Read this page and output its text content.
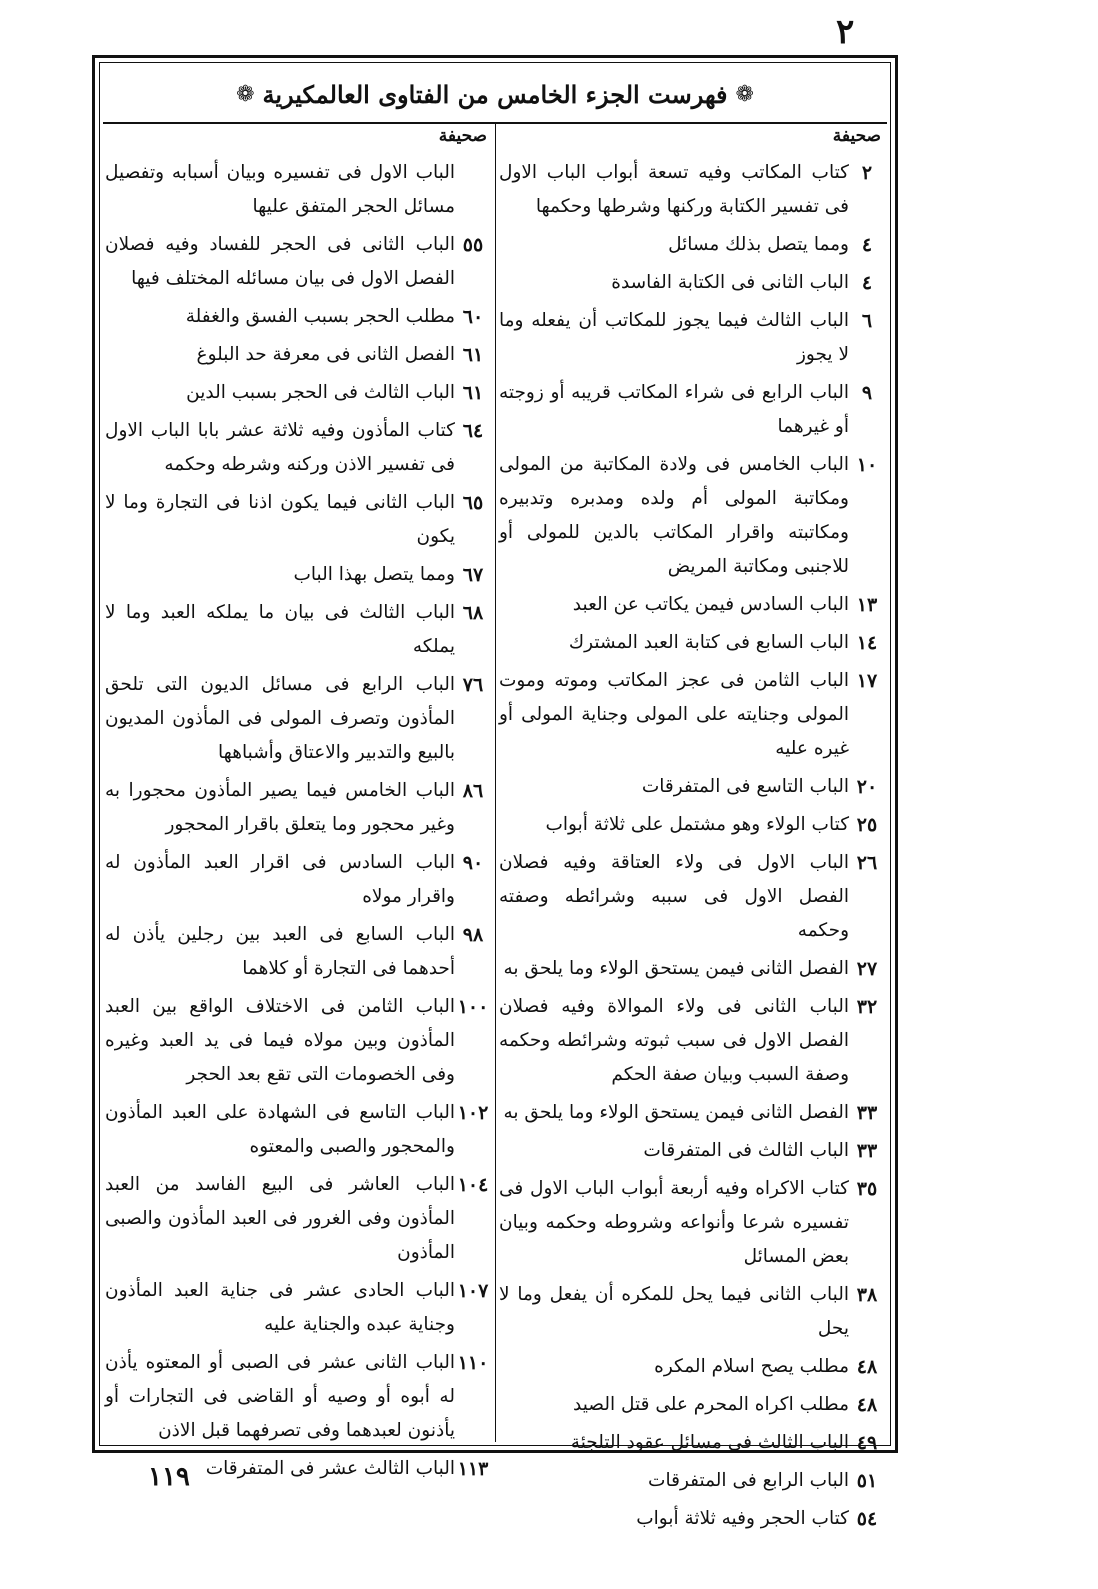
٢
❁ فهرست الجزء الخامس من الفتاوى العالمكيرية ❁
صحيفة
٢
كتاب المكاتب وفيه تسعة أبواب الباب الاول فى تفسير الكتابة وركنها وشرطها وحكمها
٤
ومما يتصل بذلك مسائل
٤
الباب الثانى فى الكتابة الفاسدة
٦
الباب الثالث فيما يجوز للمكاتب أن يفعله وما لا يجوز
٩
الباب الرابع فى شراء المكاتب قريبه أو زوجته أو غيرهما
١٠
الباب الخامس فى ولادة المكاتبة من المولى ومكاتبة المولى أم ولده ومدبره وتدبيره ومكاتبته واقرار المكاتب بالدين للمولى أو للاجنبى ومكاتبة المريض
١٣
الباب السادس فيمن يكاتب عن العبد
١٤
الباب السابع فى كتابة العبد المشترك
١٧
الباب الثامن فى عجز المكاتب وموته وموت المولى وجنايته على المولى وجناية المولى أو غيره عليه
٢٠
الباب التاسع فى المتفرقات
٢٥
كتاب الولاء وهو مشتمل على ثلاثة أبواب
٢٦
الباب الاول فى ولاء العتاقة وفيه فصلان الفصل الاول فى سببه وشرائطه وصفته وحكمه
٢٧
الفصل الثانى فيمن يستحق الولاء وما يلحق به
٣٢
الباب الثانى فى ولاء الموالاة وفيه فصلان الفصل الاول فى سبب ثبوته وشرائطه وحكمه وصفة السبب وبيان صفة الحكم
٣٣
الفصل الثانى فيمن يستحق الولاء وما يلحق به
٣٣
الباب الثالث فى المتفرقات
٣٥
كتاب الاكراه وفيه أربعة أبواب الباب الاول فى تفسيره شرعا وأنواعه وشروطه وحكمه وبيان بعض المسائل
٣٨
الباب الثانى فيما يحل للمكره أن يفعل وما لا يحل
٤٨
مطلب يصح اسلام المكره
٤٨
مطلب اكراه المحرم على قتل الصيد
٤٩
الباب الثالث فى مسائل عقود التلجئة
٥١
الباب الرابع فى المتفرقات
٥٤
كتاب الحجر وفيه ثلاثة أبواب
صحيفة
الباب الاول فى تفسيره وبيان أسبابه وتفصيل مسائل الحجر المتفق عليها
٥٥
الباب الثانى فى الحجر للفساد وفيه فصلان الفصل الاول فى بيان مسائله المختلف فيها
٦٠
مطلب الحجر بسبب الفسق والغفلة
٦١
الفصل الثانى فى معرفة حد البلوغ
٦١
الباب الثالث فى الحجر بسبب الدين
٦٤
كتاب المأذون وفيه ثلاثة عشر بابا الباب الاول فى تفسير الاذن وركنه وشرطه وحكمه
٦٥
الباب الثانى فيما يكون اذنا فى التجارة وما لا يكون
٦٧
ومما يتصل بهذا الباب
٦٨
الباب الثالث فى بيان ما يملكه العبد وما لا يملكه
٧٦
الباب الرابع فى مسائل الديون التى تلحق المأذون وتصرف المولى فى المأذون المديون بالبيع والتدبير والاعتاق وأشباهها
٨٦
الباب الخامس فيما يصير المأذون محجورا به وغير محجور وما يتعلق باقرار المحجور
٩٠
الباب السادس فى اقرار العبد المأذون له واقرار مولاه
٩٨
الباب السابع فى العبد بين رجلين يأذن له أحدهما فى التجارة أو كلاهما
١٠٠
الباب الثامن فى الاختلاف الواقع بين العبد المأذون وبين مولاه فيما فى يد العبد وغيره وفى الخصومات التى تقع بعد الحجر
١٠٢
الباب التاسع فى الشهادة على العبد المأذون والمحجور والصبى والمعتوه
١٠٤
الباب العاشر فى البيع الفاسد من العبد المأذون وفى الغرور فى العبد المأذون والصبى المأذون
١٠٧
الباب الحادى عشر فى جناية العبد المأذون وجناية عبده والجناية عليه
١١٠
الباب الثانى عشر فى الصبى أو المعتوه يأذن له أبوه أو وصيه أو القاضى فى التجارات أو يأذنون لعبدهما وفى تصرفهما قبل الاذن
١١٣
الباب الثالث عشر فى المتفرقات
١١٩
